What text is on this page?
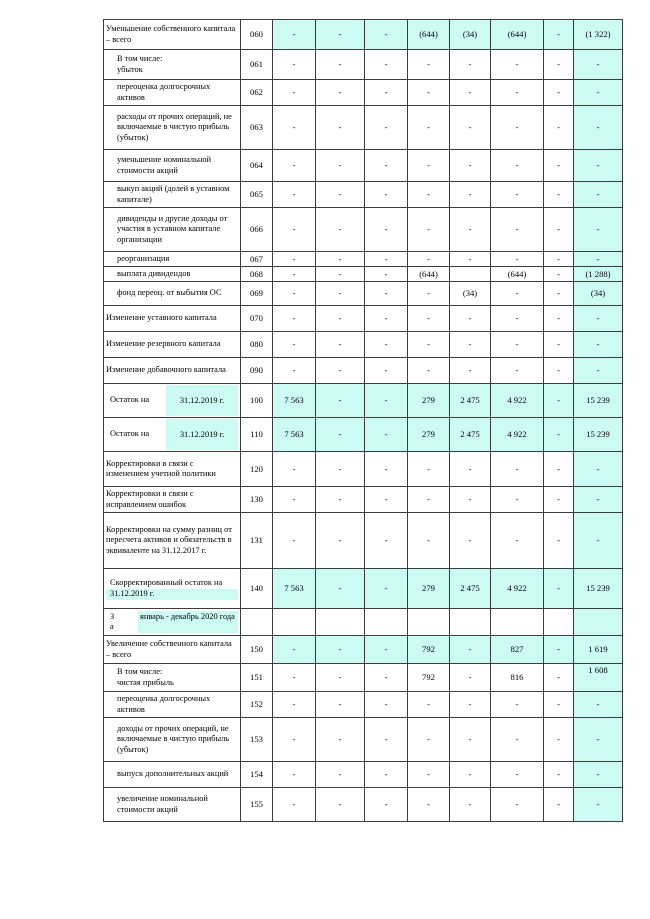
Уменьшение собственного капитала – всего	060	-	-	-	(644)	(34)	(644)	-	(1 322)

В том числе:
убыток	061	-	-	-	-	-	-	-	-

переоценка долгосрочных активов	062	-	-	-	-	-	-	-	-

расходы от прочих операций, не включаемые в чистую прибыль (убыток)	063	-	-	-	-	-	-	-	-

уменьшение номинальной стоимости акций	064	-	-	-	-	-	-	-	-

выкуп акций (долей в уставном капитале)	065	-	-	-	-	-	-	-	-

дивиденды и другие доходы от участия в уставном капитале организации	066	-	-	-	-	-	-	-	-

реорганизация	067	-	-	-	-	-	-	-	-

выплата дивидендов	068	-	-	-	(644)		(644)	-	(1 288)

фонд переоц. от выбытия ОС	069	-	-	-	-	(34)	-	-	(34)

Изменение уставного капитала	070	-	-	-	-	-	-	-	-

Изменение резервного капитала	080	-	-	-	-	-	-	-	-

Изменение добавочного капитала	090	-	-	-	-	-	-	-	-

Остаток на 31.12.2019 г.	100	7 563	-	-	279	2 475	4 922	-	15 239

Остаток на 31.12.2019 г.	110	7 563	-	-	279	2 475	4 922	-	15 239

Корректировки в связи с изменением учетной политики	120	-	-	-	-	-	-	-	-

Корректировки в связи с исправлением ошибок	130	-	-	-	-	-	-	-	-

Корректировки на сумму разниц от пересчета активов и обязательств в эквиваленте на 31.12.2017 г.	131	-	-	-	-	-	-	-	-

Скорректированный остаток на
31.12.2019 г.	140	7 563	-	-	279	2 475	4 922	-	15 239

З
а
январь - декабрь 2020 года									

Увеличение собственного капитала – всего	150	-	-	-	792	-	827	-	1 619

В том числе:
чистая прибыль	151	-	-	-	792	-	816	-	1 608

переоценка долгосрочных активов	152	-	-	-	-	-	-	-	-

доходы от прочих операций, не включаемые в чистую прибыль (убыток)	153	-	-	-	-	-	-	-	-

выпуск дополнительных акций	154	-	-	-	-	-	-	-	-

увеличение номинальной стоимости акций	155	-	-	-	-	-	-	-	-
